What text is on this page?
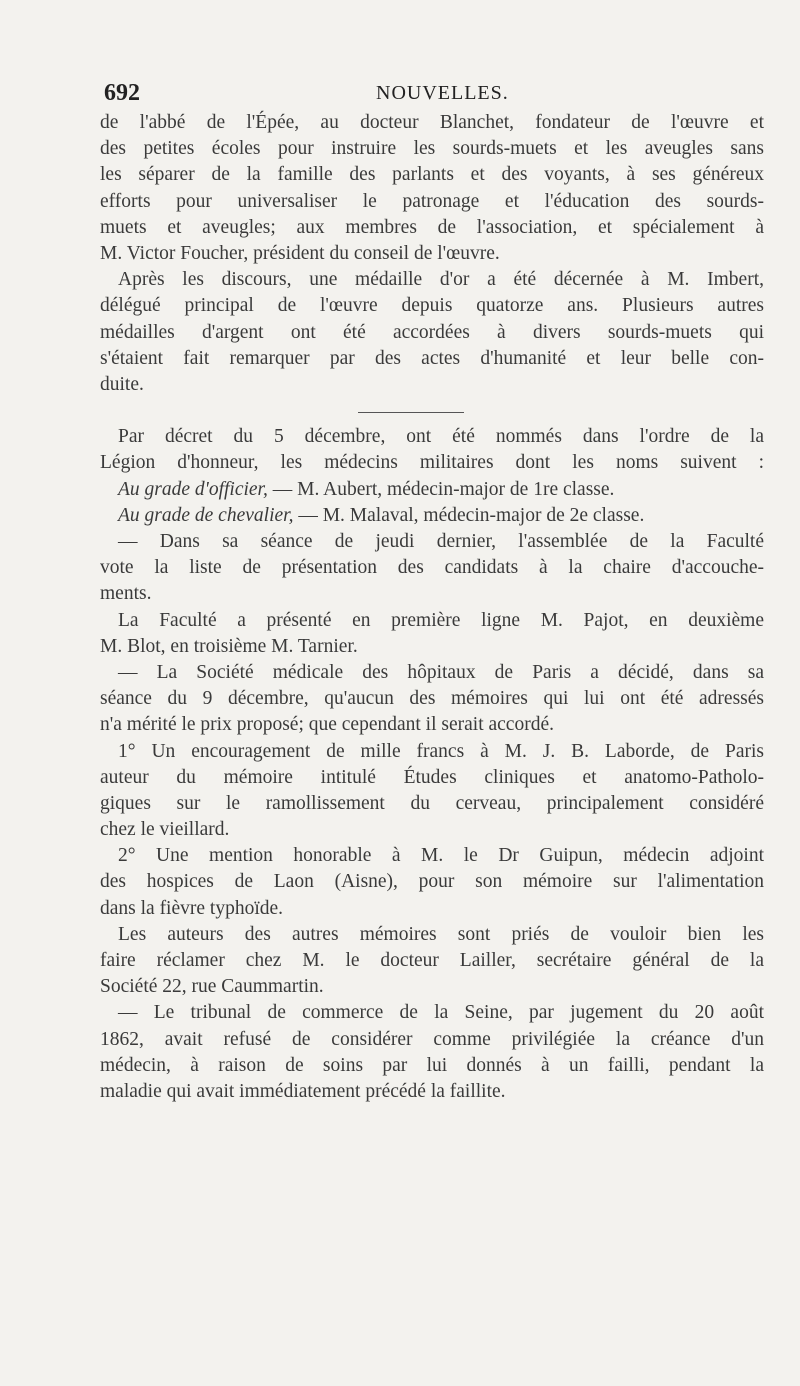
692	NOUVELLES.
de l'abbé de l'Épée, au docteur Blanchet, fondateur de l'œuvre et
des petites écoles pour instruire les sourds-muets et les aveugles sans
les séparer de la famille des parlants et des voyants, à ses généreux
efforts pour universaliser le patronage et l'éducation des sourds-
muets et aveugles; aux membres de l'association, et spécialement à
M. Victor Foucher, président du conseil de l'œuvre.
Après les discours, une médaille d'or a été décernée à M. Imbert,
délégué principal de l'œuvre depuis quatorze ans. Plusieurs autres
médailles d'argent ont été accordées à divers sourds-muets qui
s'étaient fait remarquer par des actes d'humanité et leur belle con-
duite.
Par décret du 5 décembre, ont été nommés dans l'ordre de la
Légion d'honneur, les médecins militaires dont les noms suivent :
Au grade d'officier, — M. Aubert, médecin-major de 1re classe.
Au grade de chevalier, — M. Malaval, médecin-major de 2e classe.
— Dans sa séance de jeudi dernier, l'assemblée de la Faculté
vote la liste de présentation des candidats à la chaire d'accouche-
ments.
La Faculté a présenté en première ligne M. Pajot, en deuxième
M. Blot, en troisième M. Tarnier.
— La Société médicale des hôpitaux de Paris a décidé, dans sa
séance du 9 décembre, qu'aucun des mémoires qui lui ont été adressés
n'a mérité le prix proposé; que cependant il serait accordé.
1° Un encouragement de mille francs à M. J. B. Laborde, de Paris
auteur du mémoire intitulé Études cliniques et anatomo-Patholo-
giques sur le ramollissement du cerveau, principalement considéré
chez le vieillard.
2° Une mention honorable à M. le Dr Guipun, médecin adjoint
des hospices de Laon (Aisne), pour son mémoire sur l'alimentation
dans la fièvre typhoïde.
Les auteurs des autres mémoires sont priés de vouloir bien les
faire réclamer chez M. le docteur Lailler, secrétaire général de la
Société 22, rue Caummartin.
— Le tribunal de commerce de la Seine, par jugement du 20 août
1862, avait refusé de considérer comme privilégiée la créance d'un
médecin, à raison de soins par lui donnés à un failli, pendant la
maladie qui avait immédiatement précédé la faillite.
